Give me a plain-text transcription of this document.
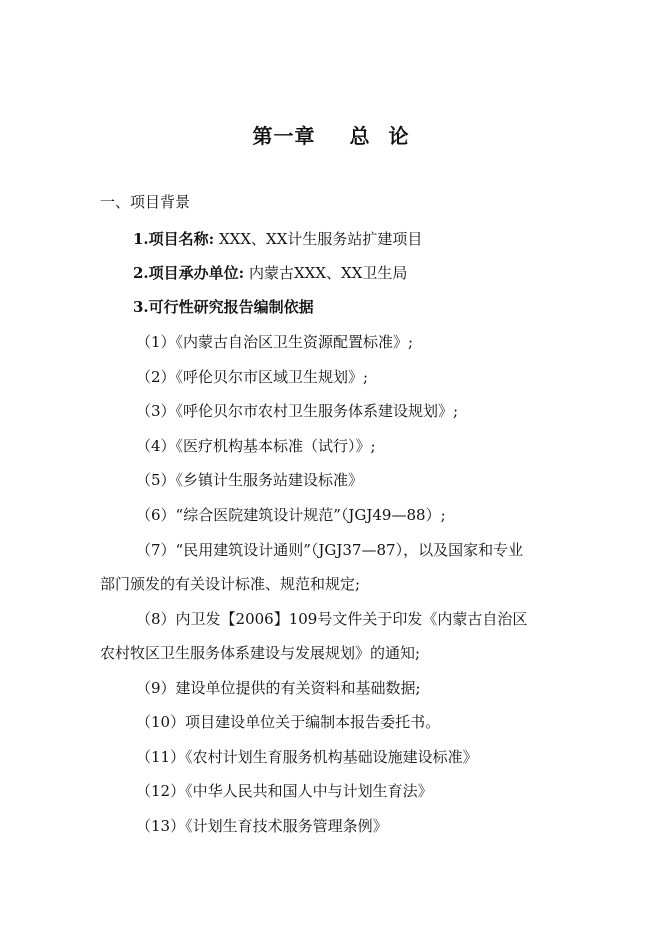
第一章 总 论
一、项目背景
1.项目名称: XXX、XX计生服务站扩建项目
2.项目承办单位: 内蒙古XXX、XX卫生局
3.可行性研究报告编制依据
（1）《内蒙古自治区卫生资源配置标准》;
（2）《呼伦贝尔市区域卫生规划》;
（3）《呼伦贝尔市农村卫生服务体系建设规划》;
（4）《医疗机构基本标准（试行）》;
（5）《乡镇计生服务站建设标准》
（6）“综合医院建筑设计规范”（JGJ49—88）;
（7）“民用建筑设计通则”（JGJ37—87），以及国家和专业
部门颁发的有关设计标准、规范和规定;
（8）内卫发【2006】109号文件关于印发《内蒙古自治区
农村牧区卫生服务体系建设与发展规划》的通知;
（9）建设单位提供的有关资料和基础数据;
（10）项目建设单位关于编制本报告委托书。
（11）《农村计划生育服务机构基础设施建设标准》
（12）《中华人民共和国人中与计划生育法》
（13）《计划生育技术服务管理条例》
